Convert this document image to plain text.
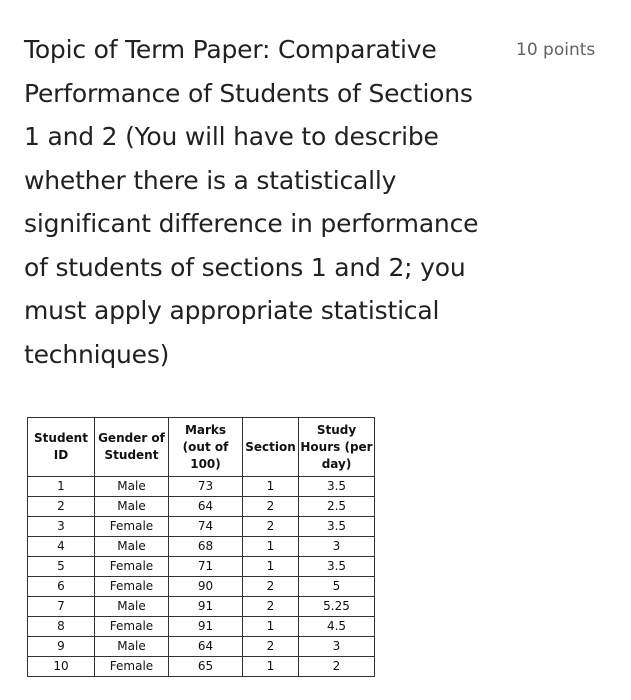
Topic of Term Paper: Comparative Performance of Students of Sections 1 and 2 (You will have to describe whether there is a statistically significant difference in performance of students of sections 1 and 2; you must apply appropriate statistical techniques)
10 points
Student ID	Gender of Student	Marks (out of 100)	Section	Study Hours (per day)
1	Male	73	1	3.5
2	Male	64	2	2.5
3	Female	74	2	3.5
4	Male	68	1	3
5	Female	71	1	3.5
6	Female	90	2	5
7	Male	91	2	5.25
8	Female	91	1	4.5
9	Male	64	2	3
10	Female	65	1	2
